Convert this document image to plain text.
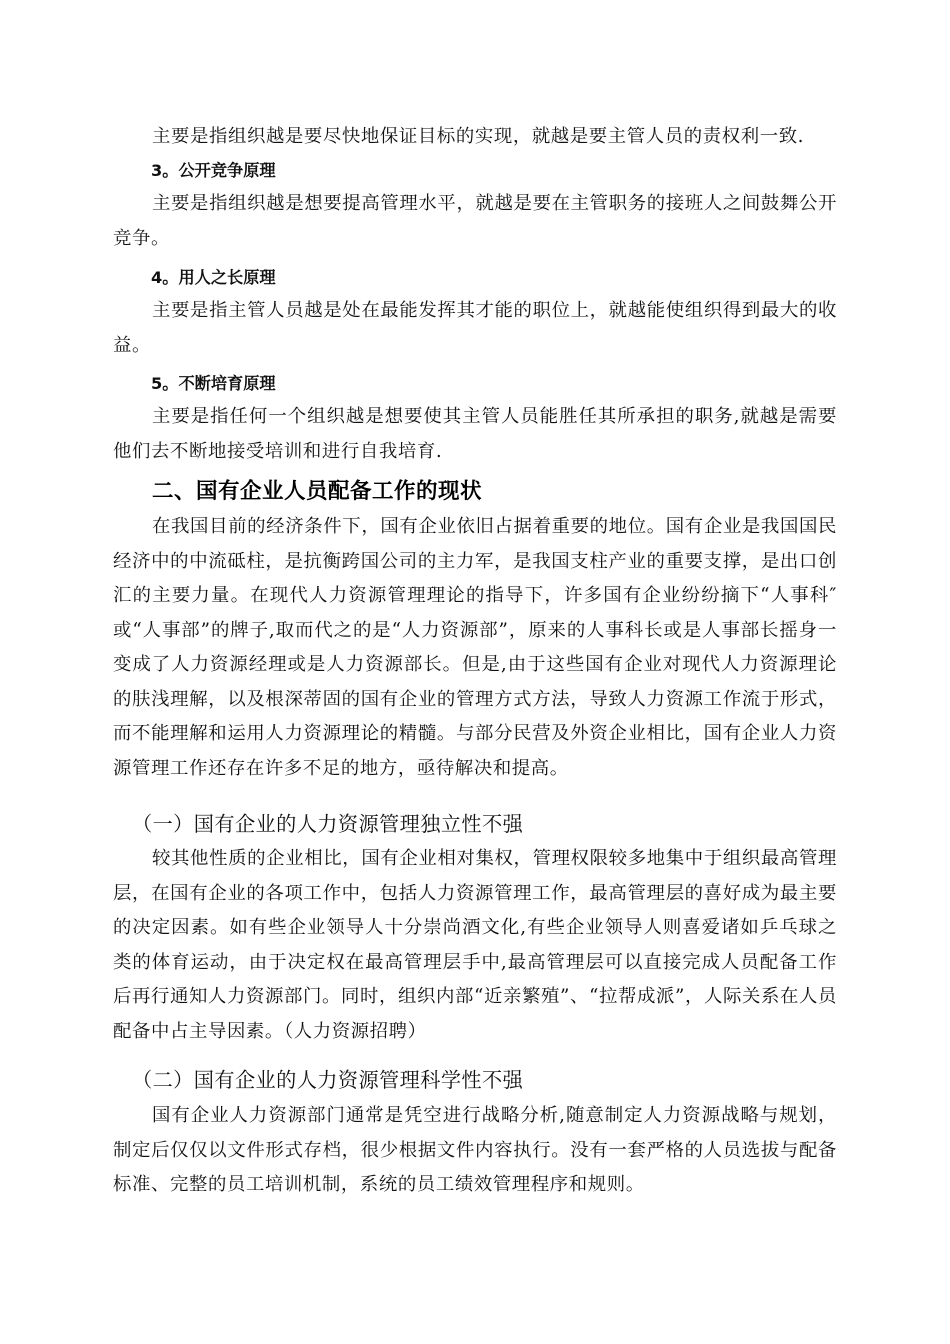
主要是指组织越是要尽快地保证目标的实现，就越是要主管人员的责权利一致.

3。公开竞争原理

主要是指组织越是想要提高管理水平，就越是要在主管职务的接班人之间鼓舞公开竞争。

4。用人之长原理

主要是指主管人员越是处在最能发挥其才能的职位上，就越能使组织得到最大的收益。

5。不断培育原理

主要是指任何一个组织越是想要使其主管人员能胜任其所承担的职务,就越是需要他们去不断地接受培训和进行自我培育.

二、国有企业人员配备工作的现状

在我国目前的经济条件下，国有企业依旧占据着重要的地位。国有企业是我国国民经济中的中流砥柱，是抗衡跨国公司的主力军，是我国支柱产业的重要支撑，是出口创汇的主要力量。在现代人力资源管理理论的指导下，许多国有企业纷纷摘下“人事科″或“人事部”的牌子,取而代之的是“人力资源部”，原来的人事科长或是人事部长摇身一变成了人力资源经理或是人力资源部长。但是,由于这些国有企业对现代人力资源理论的肤浅理解，以及根深蒂固的国有企业的管理方式方法，导致人力资源工作流于形式，而不能理解和运用人力资源理论的精髓。与部分民营及外资企业相比，国有企业人力资源管理工作还存在许多不足的地方，亟待解决和提高。

（一）国有企业的人力资源管理独立性不强

较其他性质的企业相比，国有企业相对集权，管理权限较多地集中于组织最高管理层，在国有企业的各项工作中，包括人力资源管理工作，最高管理层的喜好成为最主要的决定因素。如有些企业领导人十分崇尚酒文化,有些企业领导人则喜爱诸如乒乓球之类的体育运动，由于决定权在最高管理层手中,最高管理层可以直接完成人员配备工作后再行通知人力资源部门。同时，组织内部“近亲繁殖”、“拉帮成派”，人际关系在人员配备中占主导因素。（人力资源招聘）

（二）国有企业的人力资源管理科学性不强

国有企业人力资源部门通常是凭空进行战略分析,随意制定人力资源战略与规划，制定后仅仅以文件形式存档，很少根据文件内容执行。没有一套严格的人员选拔与配备标准、完整的员工培训机制，系统的员工绩效管理程序和规则。
